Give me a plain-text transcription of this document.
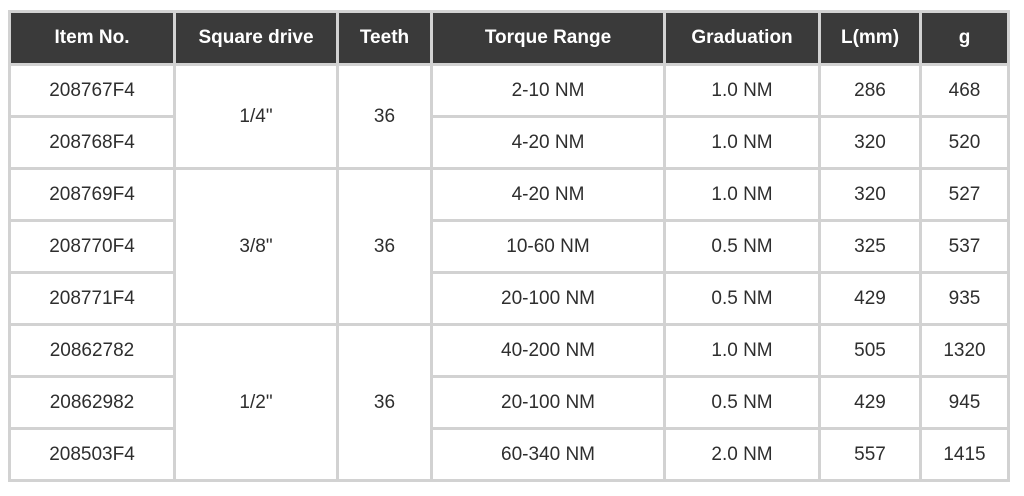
Item No.	Square drive	Teeth	Torque Range	Graduation	L(mm)	g
208767F4	1/4"	36	2-10 NM	1.0 NM	286	468
208768F4			4-20 NM	1.0 NM	320	520
208769F4	3/8"	36	4-20 NM	1.0 NM	320	527
208770F4			10-60 NM	0.5 NM	325	537
208771F4			20-100 NM	0.5 NM	429	935
20862782	1/2"	36	40-200 NM	1.0 NM	505	1320
20862982			20-100 NM	0.5 NM	429	945
208503F4			60-340 NM	2.0 NM	557	1415
